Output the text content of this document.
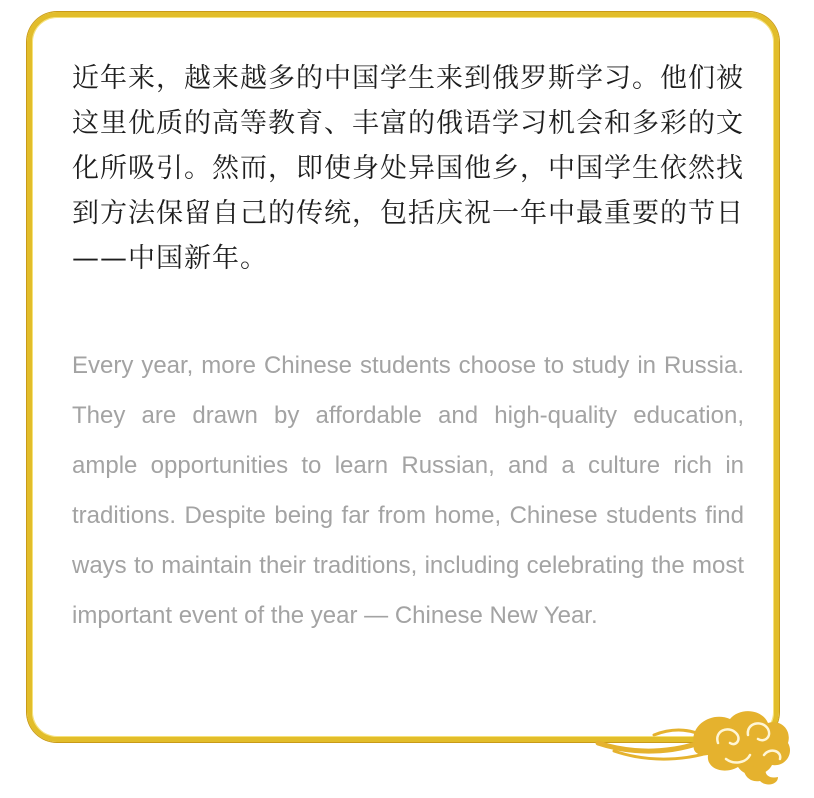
近年来，越来越多的中国学生来到俄罗斯学习。他们被这里优质的高等教育、丰富的俄语学习机会和多彩的文化所吸引。然而，即使身处异国他乡，中国学生依然找到方法保留自己的传统，包括庆祝一年中最重要的节日——中国新年。

Every year, more Chinese students choose to study in Russia. They are drawn by affordable and high-quality education, ample opportunities to learn Russian, and a culture rich in traditions. Despite being far from home, Chinese students find ways to maintain their traditions, including celebrating the most important event of the year — Chinese New Year.
